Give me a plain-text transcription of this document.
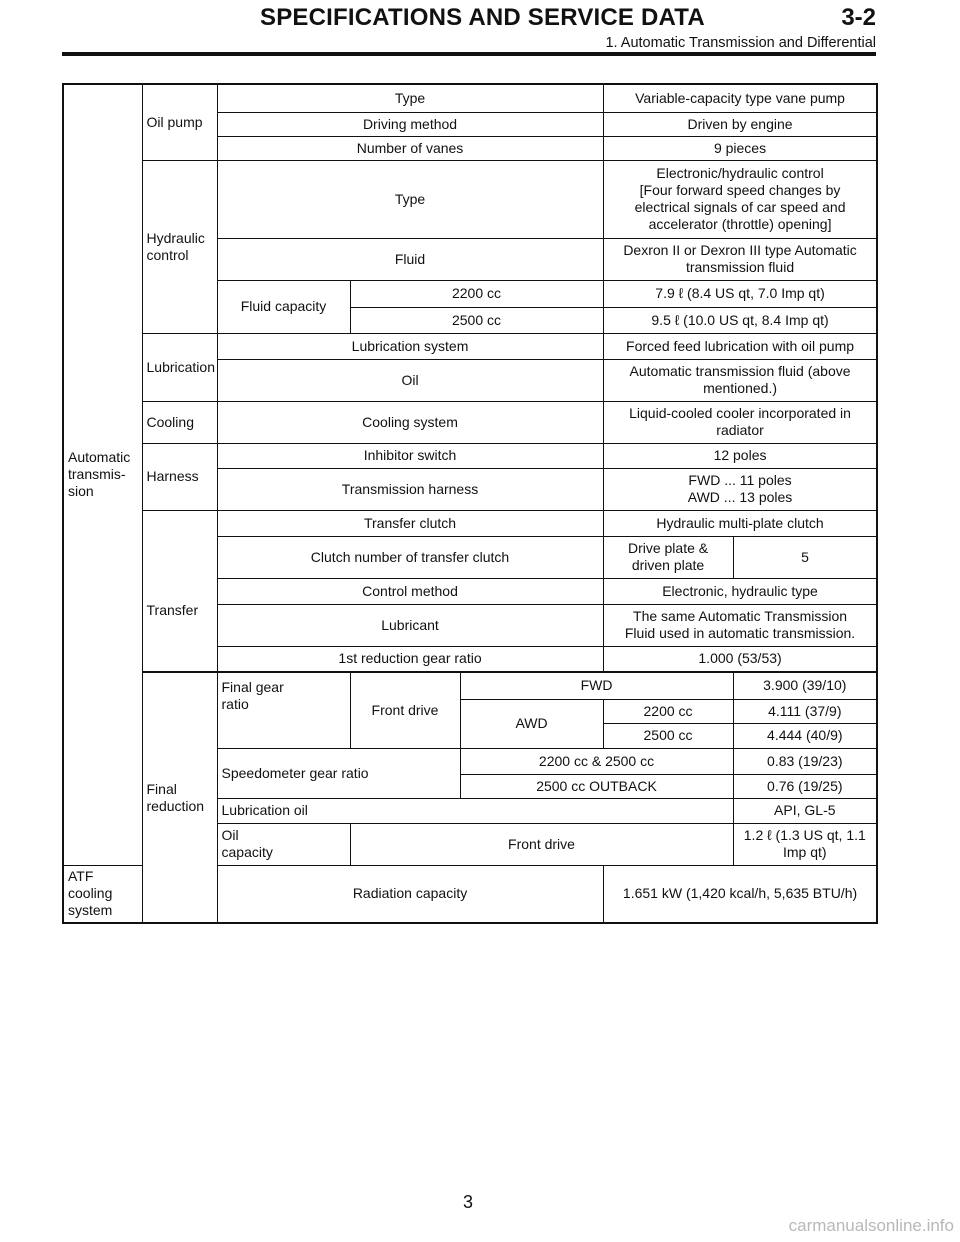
SPECIFICATIONS AND SERVICE DATA	3-2
1. Automatic Transmission and Differential
Automatic
transmis-
sion	Oil pump	Type			Variable-capacity type vane pump	
		Driving method			Driven by engine	
		Number of vanes			9 pieces	
	Hydraulic
control	Type			Electronic/hydraulic control
[Four forward speed changes by
electrical signals of car speed and
accelerator (throttle) opening]	
		Fluid			Dexron II or Dexron III type Automatic
transmission fluid	
		Fluid capacity	2200 cc		7.9 ℓ (8.4 US qt, 7.0 Imp qt)	
			2500 cc		9.5 ℓ (10.0 US qt, 8.4 Imp qt)	
	Lubrication	Lubrication system			Forced feed lubrication with oil pump	
		Oil			Automatic transmission fluid (above
mentioned.)	
	Cooling	Cooling system			Liquid-cooled cooler incorporated in
radiator	
	Harness	Inhibitor switch			12 poles	
		Transmission harness			FWD ... 11 poles
AWD ... 13 poles	
	Transfer	Transfer clutch			Hydraulic multi-plate clutch	
		Clutch number of transfer clutch			Drive plate &
driven plate	5
		Control method			Electronic, hydraulic type	
		Lubricant			The same Automatic Transmission
Fluid used in automatic transmission.	
		1st reduction gear ratio			1.000 (53/53)	
	Final
reduction	Final gear
ratio	Front drive	FWD		3.900 (39/10)
				AWD	2200 cc	4.111 (37/9)
					2500 cc	4.444 (40/9)
		Speedometer gear ratio		2200 cc & 2500 cc		0.83 (19/23)
				2500 cc OUTBACK		0.76 (19/25)
		Lubrication oil				API, GL-5
		Oil
capacity	Front drive			1.2 ℓ (1.3 US qt, 1.1 Imp qt)
ATF
cooling
system		Radiation capacity			1.651 kW (1,420 kcal/h, 5,635 BTU/h)	
3
carmanualsonline.info
